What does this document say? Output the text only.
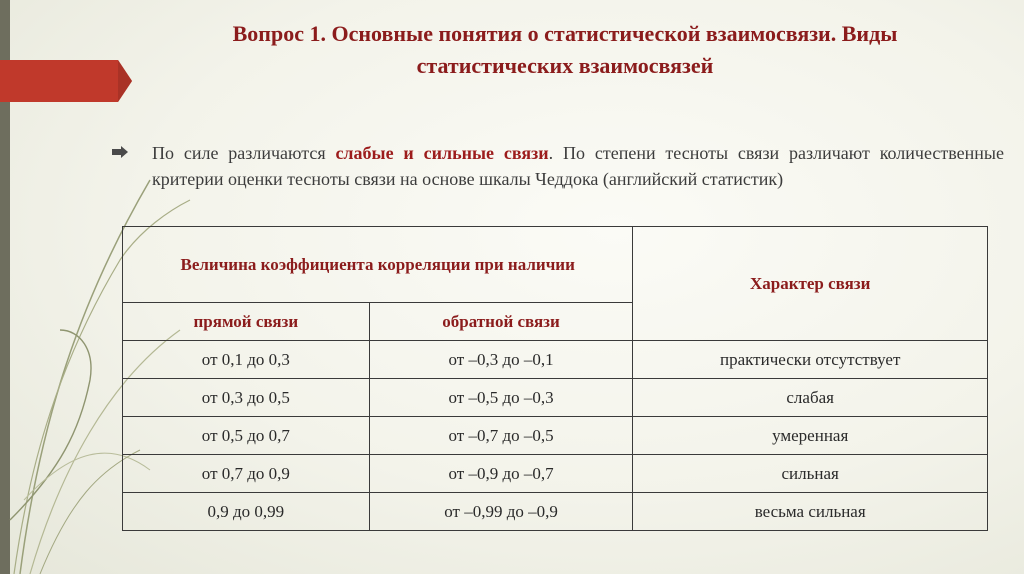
Вопрос 1. Основные понятия о статистической взаимосвязи. Виды
статистических взаимосвязей
По силе различаются слабые и сильные связи. По степени тесноты связи различают количественные критерии оценки тесноты связи на основе шкалы Чеддока (английский статистик)
Величина коэффициента корреляции при наличии		Характер связи
прямой связи	обратной связи	
от 0,1 до 0,3	от –0,3 до –0,1	практически отсутствует
от 0,3 до 0,5	от –0,5 до –0,3	слабая
от 0,5 до 0,7	от –0,7 до –0,5	умеренная
от 0,7 до 0,9	от –0,9 до –0,7	сильная
0,9 до 0,99	от –0,99 до –0,9	весьма сильная
